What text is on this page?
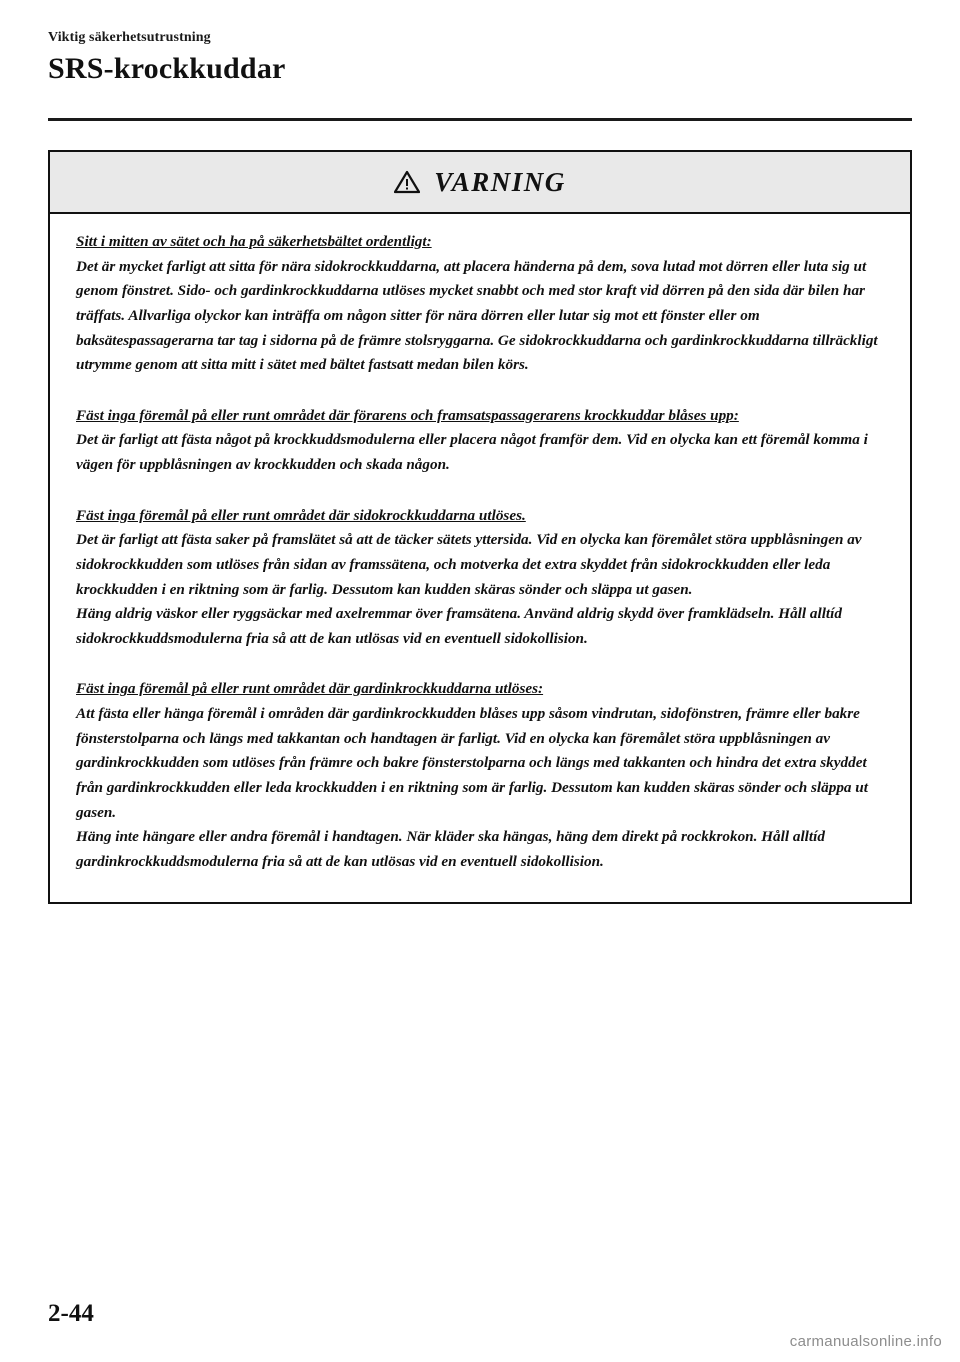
Viktig säkerhetsutrustning
SRS-krockkuddar
VARNING

Sitt i mitten av sätet och ha på säkerhetsbältet ordentligt:
Det är mycket farligt att sitta för nära sidokrockkuddarna, att placera händerna på dem, sova lutad mot dörren eller luta sig ut genom fönstret. Sido- och gardinkrockkuddarna utlöses mycket snabbt och med stor kraft vid dörren på den sida där bilen har träffats. Allvarliga olyckor kan inträffa om någon sitter för nära dörren eller lutar sig mot ett fönster eller om baksätespassagerarna tar tag i sidorna på de främre stolsryggarna. Ge sidokrockkuddarna och gardinkrockkuddarna tillräckligt utrymme genom att sitta mitt i sätet med bältet fastsatt medan bilen körs.

Fäst inga föremål på eller runt området där förarens och framsatspassagerarens krockkuddar blåses upp:
Det är farligt att fästa något på krockkuddsmodulerna eller placera något framför dem. Vid en olycka kan ett föremål komma i vägen för uppblåsningen av krockkudden och skada någon.

Fäst inga föremål på eller runt området där sidokrockkuddarna utlöses.
Det är farligt att fästa saker på framslätet så att de täcker sätets yttersida. Vid en olycka kan föremålet störa uppblåsningen av sidokrockkudden som utlöses från sidan av framssätena, och motverka det extra skyddet från sidokrockkudden eller leda krockkudden i en riktning som är farlig. Dessutom kan kudden skäras sönder och släppa ut gasen.
Häng aldrig väskor eller ryggsäckar med axelremmar över framsätena. Använd aldrig skydd över framklädseln. Håll alltíd sidokrockkuddsmodulerna fria så att de kan utlösas vid en eventuell sidokollision.

Fäst inga föremål på eller runt området där gardinkrockkuddarna utlöses:
Att fästa eller hänga föremål i områden där gardinkrockkudden blåses upp såsom vindrutan, sidofönstren, främre eller bakre fönsterstolparna och längs med takkantan och handtagen är farligt. Vid en olycka kan föremålet störa uppblåsningen av gardinkrockkudden som utlöses från främre och bakre fönsterstolparna och längs med takkanten och hindra det extra skyddet från gardinkrockkudden eller leda krockkudden i en riktning som är farlig. Dessutom kan kudden skäras sönder och släppa ut gasen.
Häng inte hängare eller andra föremål i handtagen. När kläder ska hängas, häng dem direkt på rockkrokon. Håll alltíd gardinkrockkuddsmodulerna fria så att de kan utlösas vid en eventuell sidokollision.

2-44
carmanualsonline.info
